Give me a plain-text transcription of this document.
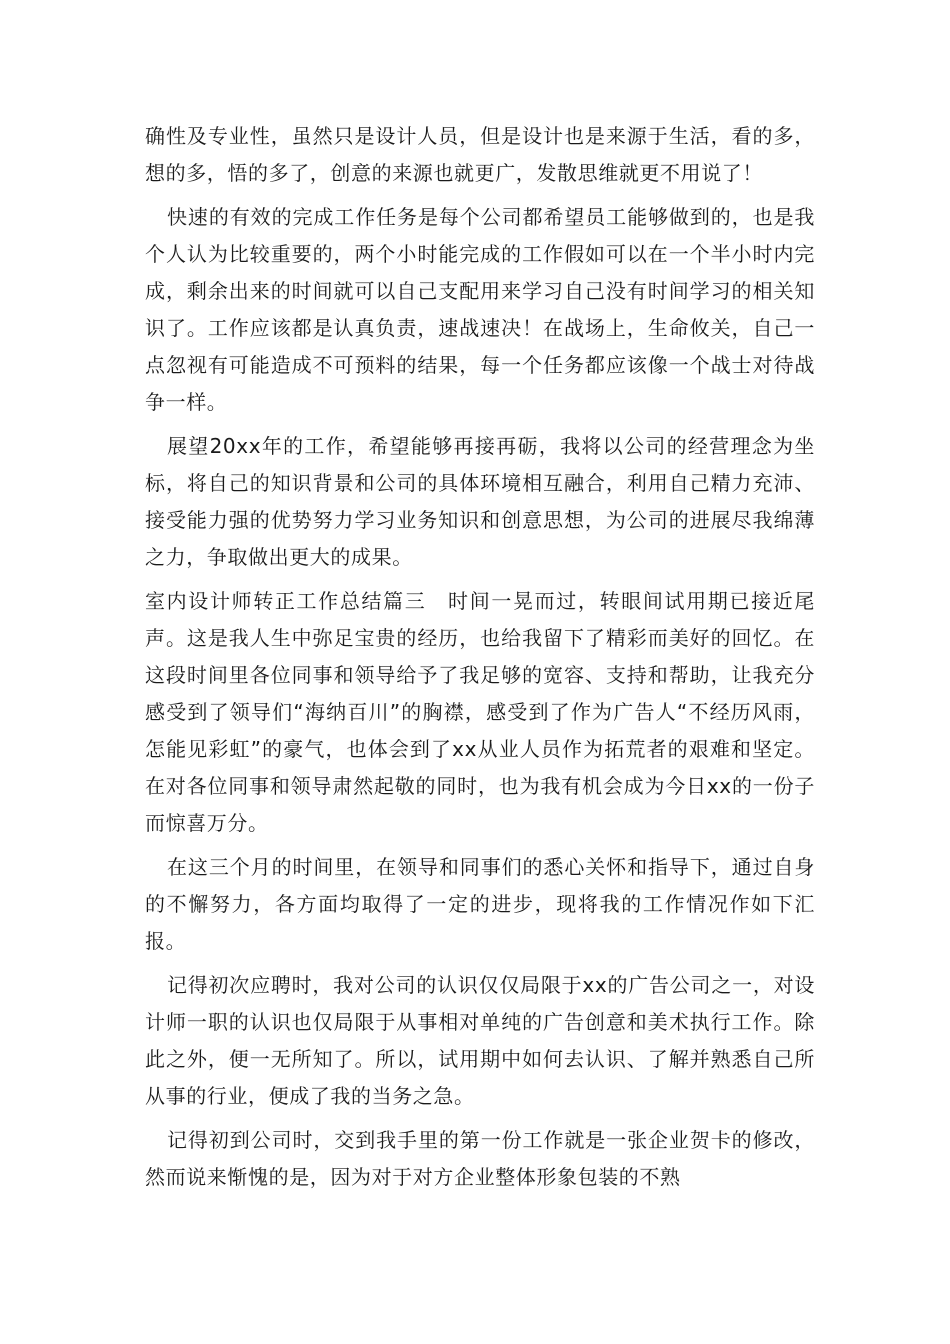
确性及专业性，虽然只是设计人员，但是设计也是来源于生活，看的多，想的多，悟的多了，创意的来源也就更广，发散思维就更不用说了！

快速的有效的完成工作任务是每个公司都希望员工能够做到的，也是我个人认为比较重要的，两个小时能完成的工作假如可以在一个半小时内完成，剩余出来的时间就可以自己支配用来学习自己没有时间学习的相关知识了。工作应该都是认真负责，速战速决！在战场上，生命攸关，自己一点忽视有可能造成不可预料的结果，每一个任务都应该像一个战士对待战争一样。

展望20xx年的工作，希望能够再接再砺，我将以公司的经营理念为坐标，将自己的知识背景和公司的具体环境相互融合，利用自己精力充沛、接受能力强的优势努力学习业务知识和创意思想，为公司的进展尽我绵薄之力，争取做出更大的成果。

室内设计师转正工作总结篇三　时间一晃而过，转眼间试用期已接近尾声。这是我人生中弥足宝贵的经历，也给我留下了精彩而美好的回忆。在这段时间里各位同事和领导给予了我足够的宽容、支持和帮助，让我充分感受到了领导们“海纳百川”的胸襟，感受到了作为广告人“不经历风雨，怎能见彩虹”的豪气，也体会到了xx从业人员作为拓荒者的艰难和坚定。在对各位同事和领导肃然起敬的同时，也为我有机会成为今日xx的一份子而惊喜万分。

在这三个月的时间里，在领导和同事们的悉心关怀和指导下，通过自身的不懈努力，各方面均取得了一定的进步，现将我的工作情况作如下汇报。

记得初次应聘时，我对公司的认识仅仅局限于xx的广告公司之一，对设计师一职的认识也仅局限于从事相对单纯的广告创意和美术执行工作。除此之外，便一无所知了。所以，试用期中如何去认识、了解并熟悉自己所从事的行业，便成了我的当务之急。

记得初到公司时，交到我手里的第一份工作就是一张企业贺卡的修改，然而说来惭愧的是，因为对于对方企业整体形象包装的不熟
